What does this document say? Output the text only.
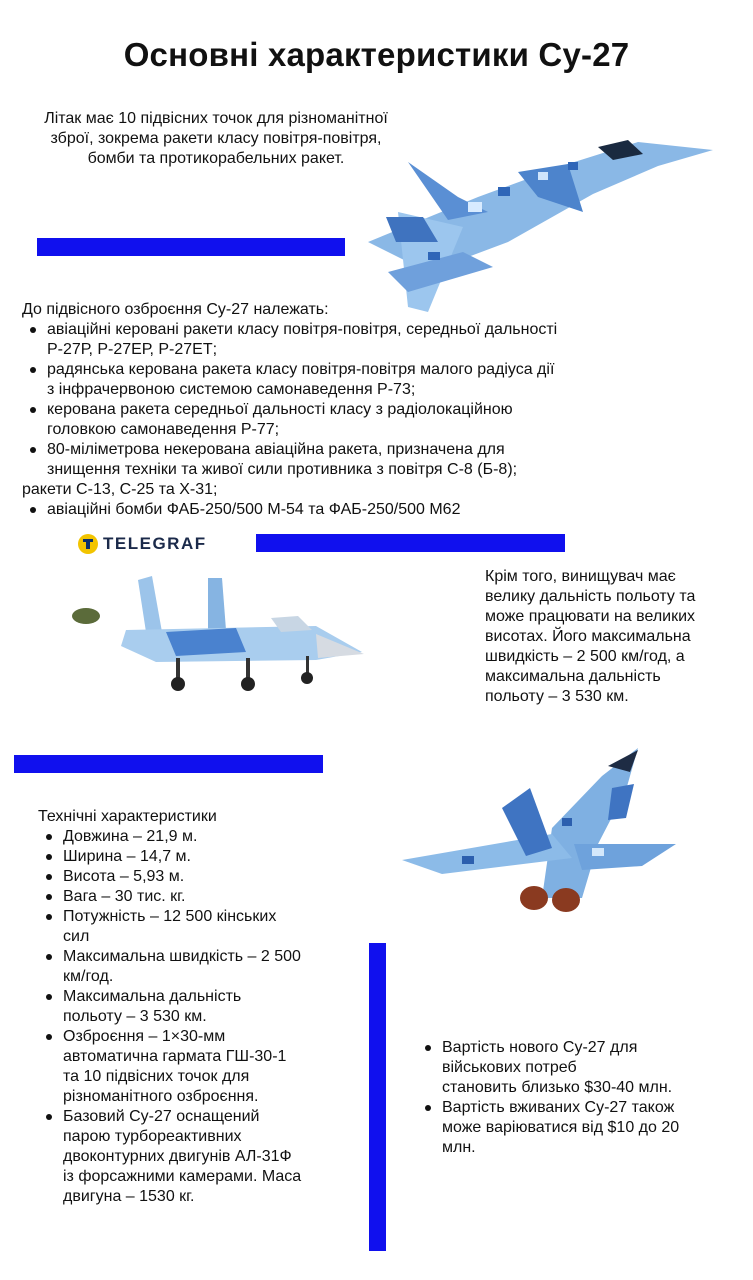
Основні характеристики Су-27
Літак має 10 підвісних точок для різноманітної
зброї, зокрема ракети класу повітря-повітря,
бомби та протикорабельних ракет.
До підвісного озброєння Су-27 належать:
авіаційні керовані ракети класу повітря-повітря, середньої дальності
Р-27Р, Р-27ЕР, Р-27ЕТ;
радянська керована ракета класу повітря-повітря малого радіуса дії
з інфрачервоною системою самонаведення Р-73;
керована ракета середньої дальності класу з радіолокаційною
головкою самонаведення Р-77;
80-міліметрова некерована авіаційна ракета, призначена для
знищення техніки та живої сили противника з повітря С-8 (Б-8);
ракети С-13, С-25 та Х-31;
авіаційні бомби ФАБ-250/500 М-54 та ФАБ-250/500 М62
TELEGRAF
Крім того, винищувач має
велику дальність польоту та
може працювати на великих
висотах. Його максимальна
швидкість – 2 500 км/год, а
максимальна дальність
польоту – 3 530 км.
Технічні характеристики
Довжина – 21,9 м.
Ширина – 14,7 м.
Висота – 5,93 м.
Вага – 30 тис. кг.
Потужність – 12 500 кінських
сил
Максимальна швидкість – 2 500
км/год.
Максимальна дальність
польоту – 3 530 км.
Озброєння – 1×30-мм
автоматична гармата ГШ-30-1
та 10 підвісних точок для
різноманітного озброєння.
Базовий Су-27 оснащений
парою турбореактивних
двоконтурних двигунів АЛ-31Ф
із форсажними камерами. Маса
двигуна – 1530 кг.
Вартість нового Су-27 для
військових потреб
становить близько $30-40 млн.
Вартість вживаних Су-27 також
може варіюватися від $10 до 20
млн.
